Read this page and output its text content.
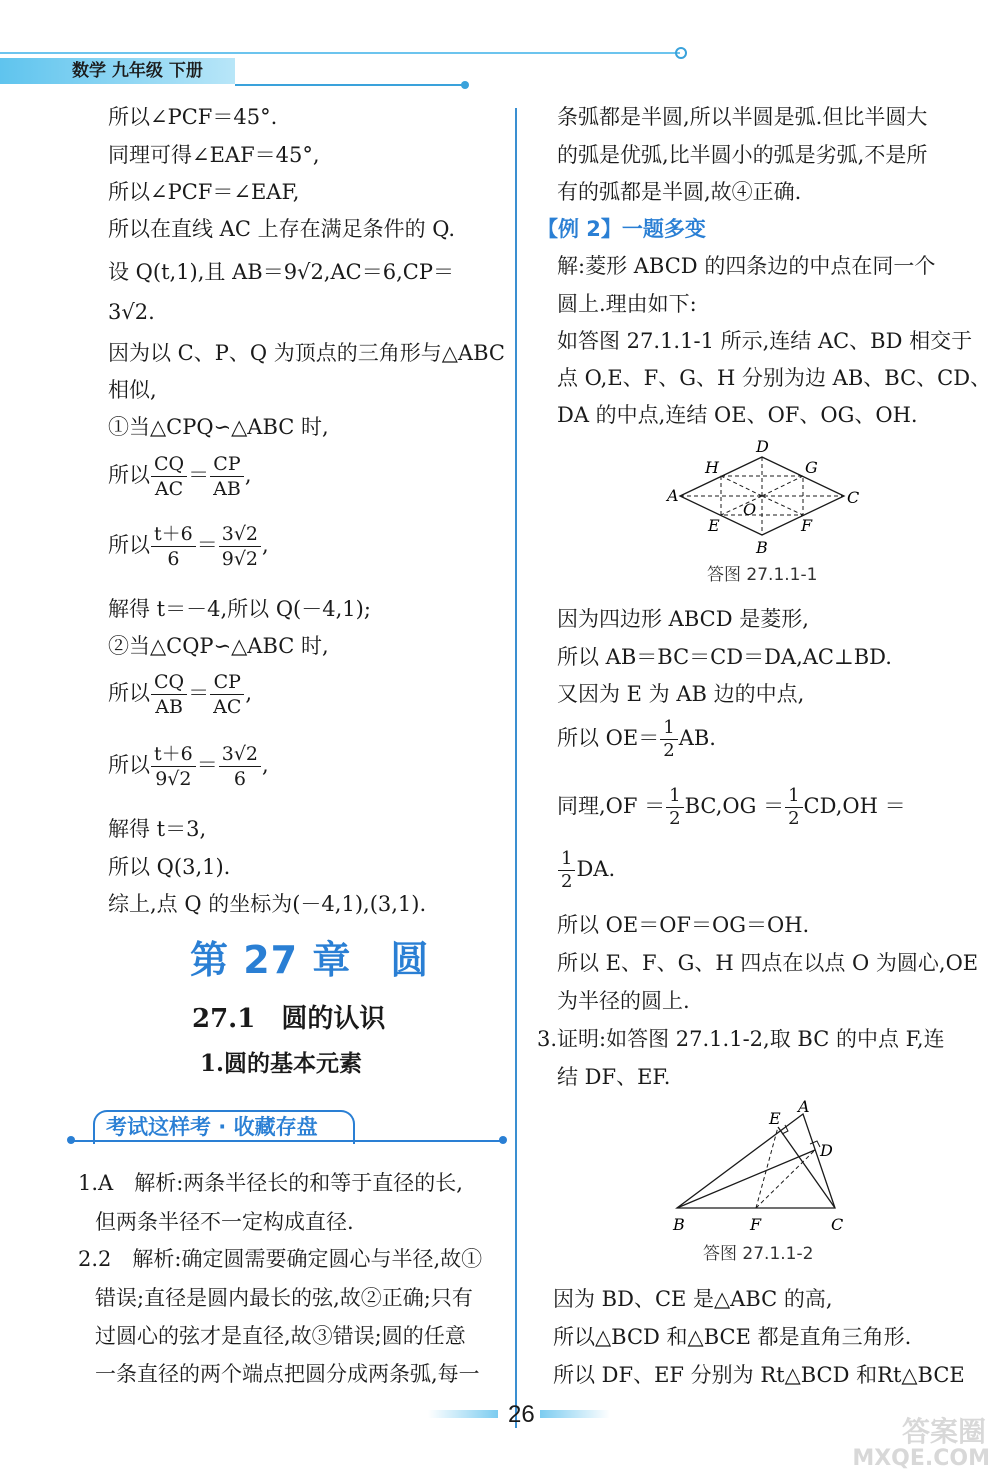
数学 九年级 下册
所以∠PCF＝45°.
同理可得∠EAF＝45°,
所以∠PCF＝∠EAF,
所以在直线 AC 上存在满足条件的 Q.
设 Q(t,1),且 AB＝9√2,AC＝6,CP＝
3√2.
因为以 C、P、Q 为顶点的三角形与△ABC
相似,
①当△CPQ∽△ABC 时,
所以 $\frac{CQ}{AC} = \frac{CP}{AB}$ ,
所以 $\frac{t+6}{6} = \frac{3√2}{9√2}$ ,
解得 t＝－4,所以 Q(－4,1);
②当△CQP∽△ABC 时,
所以 $\frac{CQ}{AB} = \frac{CP}{AC}$ ,
所以 $\frac{t+6}{9√2} = \frac{3√2}{6}$ ,
解得 t＝3,
所以 Q(3,1).
综上,点 Q 的坐标为(－4,1),(3,1).
第 27 章　圆
27.1　圆的认识
1.圆的基本元素
考试这样考 · 收藏存盘
1.A　解析:两条半径长的和等于直径的长,
但两条半径不一定构成直径.
2.2　解析:确定圆需要确定圆心与半径,故①
错误;直径是圆内最长的弦,故②正确;只有
过圆心的弦才是直径,故③错误;圆的任意
一条直径的两个端点把圆分成两条弧,每一
条弧都是半圆,所以半圆是弧.但比半圆大
的弧是优弧,比半圆小的弧是劣弧,不是所
有的弧都是半圆,故④正确.
【例 2】一题多变
解:菱形 ABCD 的四条边的中点在同一个
圆上.理由如下:
如答图 27.1.1-1 所示,连结 AC、BD 相交于
点 O,E、F、G、H 分别为边 AB、BC、CD、
DA 的中点,连结 OE、OF、OG、OH.
A
D
C
B
H	G
E	F
O
答图 27.1.1-1
因为四边形 ABCD 是菱形,
所以 AB＝BC＝CD＝DA,AC⊥BD.
又因为 E 为 AB 边的中点,
所以 $OE= \frac{1}{2}$ AB.
同理$,OF = \frac{1}{2} BC,OG = \frac{1}{2} CD,OH$ ＝
$\frac{1}{2}$ DA.
所以 OE＝OF＝OG＝OH.
所以 E、F、G、H 四点在以点 O 为圆心,OE
为半径的圆上.
3.证明:如答图 27.1.1-2,取 BC 的中点 F,连
结 DF、EF.
A
E
D
B	F	C
答图 27.1.1-2
因为 BD、CE 是△ABC 的高,
所以△BCD 和△BCE 都是直角三角形.
所以 DF、EF 分别为 Rt△BCD 和Rt△BCE
26
答案圈
MXQE.COM
